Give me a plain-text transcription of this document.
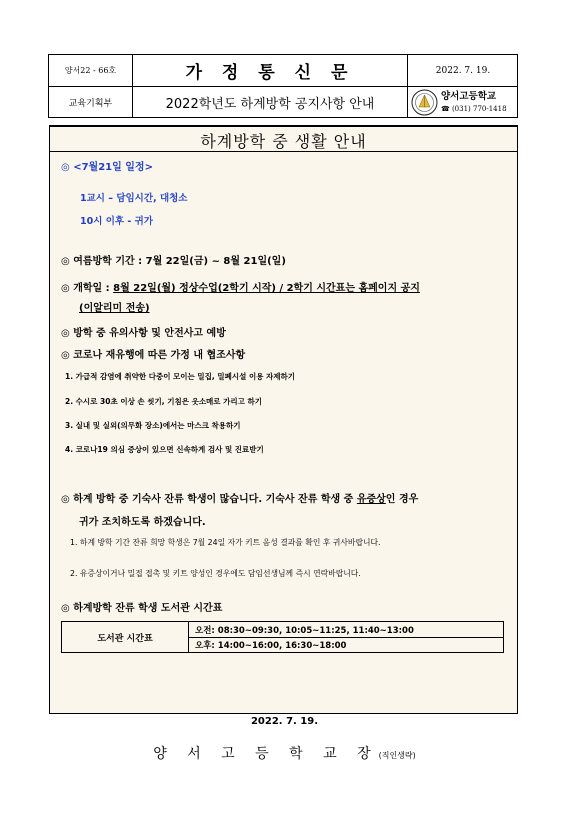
양서22 - 66호	가 정 통 신 문	2022. 7. 19.
교육기획부	2022학년도 하계방학 공지사항 안내
양서고등학교
☎ (031) 770-1418
하계방학 중 생활 안내
◎ <7월21일 일정>
1교시 – 담임시간, 대청소
10시 이후 - 귀가
◎ 여름방학 기간 : 7월 22일(금) ~ 8월 21일(일)
◎ 개학일 : 8월 22일(월) 정상수업(2학기 시작) / 2학기 시간표는 홈페이지 공지
(이알리미 전송)
◎ 방학 중 유의사항 및 안전사고 예방
◎ 코로나 재유행에 따른 가정 내 협조사항
1. 가급적 감염에 취약한 다중이 모이는 밀집, 밀폐시설 이용 자제하기
2. 수시로 30초 이상 손 씻기, 기침은 옷소매로 가리고 하기
3. 실내 및 실외(의무화 장소)에서는 마스크 착용하기
4. 코로나19 의심 증상이 있으면 신속하게 검사 및 진료받기
◎ 하계 방학 중 기숙사 잔류 학생이 많습니다. 기숙사 잔류 학생 중 유증상인 경우
귀가 조치하도록 하겠습니다.
1. 하계 방학 기간 잔류 희망 학생은 7월 24일 자가 키트 음성 결과를 확인 후 귀사바랍니다.
2. 유증상이거나 밀접 접촉 및 키트 양성인 경우에도 담임선생님께 즉시 연락바랍니다.
◎ 하계방학 잔류 학생 도서관 시간표
도서관 시간표
오전: 08:30~09:30, 10:05~11:25, 11:40~13:00
오후: 14:00~16:00, 16:30~18:00
2022. 7. 19.
양 서 고 등 학 교 장(직인생략)
